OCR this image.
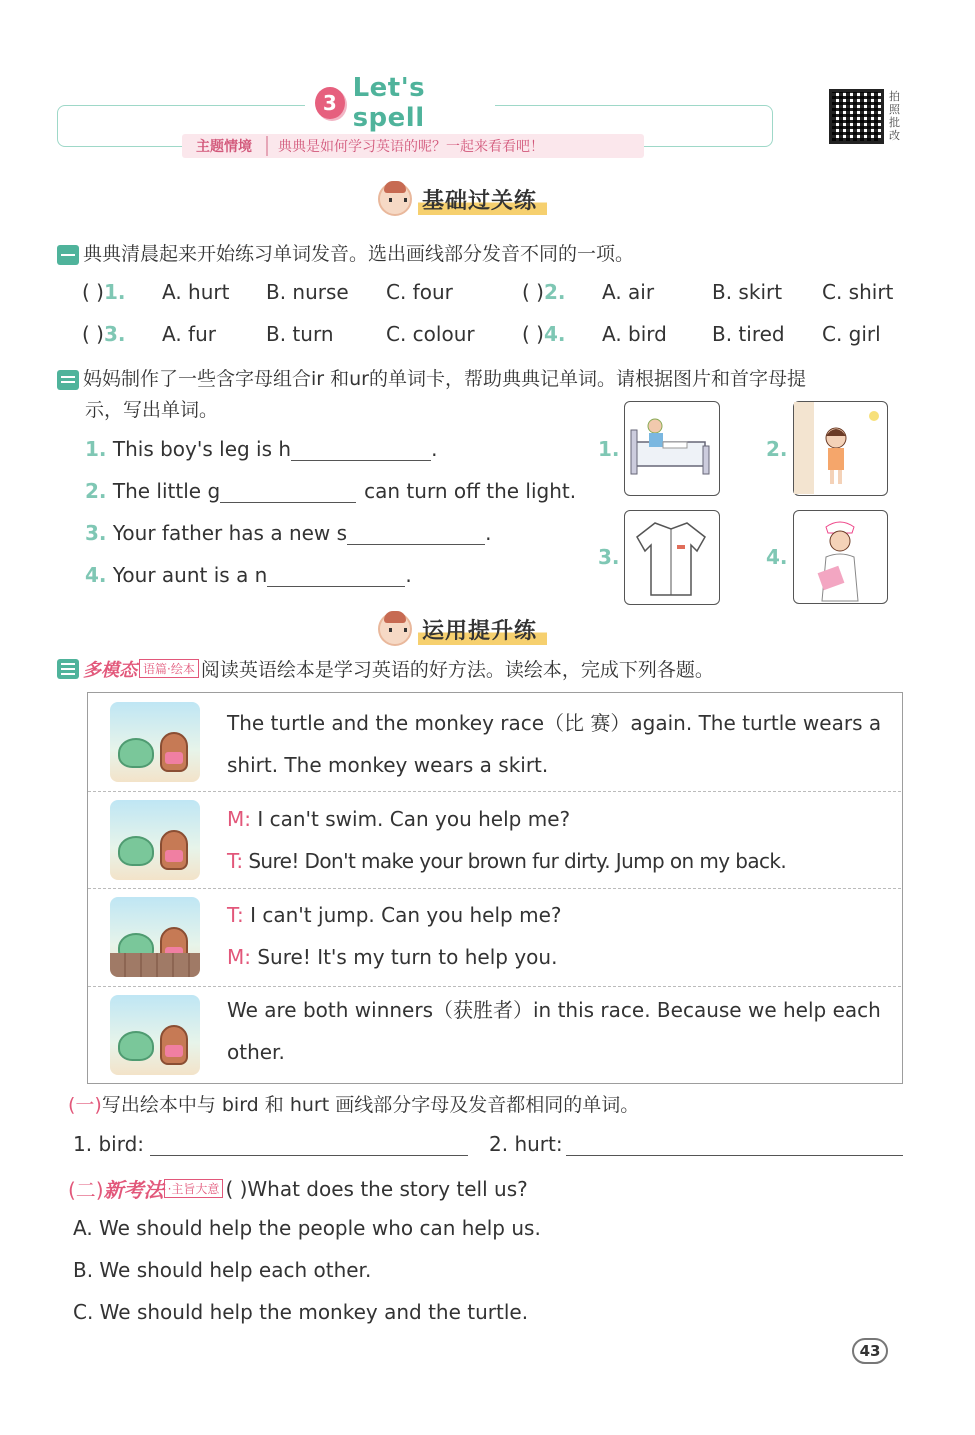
3 Let's spell
主题情境	典典是如何学习英语的呢？一起来看看吧！
拍照批改
基础过关练
典典清晨起来开始练习单词发音。选出画线部分发音不同的一项。
( )1. A. hurt B. nurse C. four	( )2. A. air	B. skirt C. shirt
( )3. A. fur	B. turn	C. colour ( )4. A. bird B. tired C. girl
妈妈制作了一些含字母组合ir 和ur的单词卡，帮助典典记单词。请根据图片和首字母提
示，写出单词。
1. This boy's leg is h	.
2. The little g	can turn off the light.
3. Your father has a new s	.
4. Your aunt is a n	.
1.	2.
3.	4.
运用提升练
多模态 语篇·绘本 阅读英语绘本是学习英语的好方法。读绘本，完成下列各题。
The turtle and the monkey race（比 赛）again. The turtle wears a
shirt. The monkey wears a skirt.
M: I can't swim. Can you help me?
T: Sure! Don't make your brown fur dirty. Jump on my back.
T: I can't jump. Can you help me?
M: Sure! It's my turn to help you.
We are both winners（获胜者）in this race. Because we help each
other.
(一)写出绘本中与 bird 和 hurt 画线部分字母及发音都相同的单词。
1. bird:	2. hurt:
(二) 新考法 ·主旨大意 ( )What does the story tell us?
A. We should help the people who can help us.
B. We should help each other.
C. We should help the monkey and the turtle.
43
